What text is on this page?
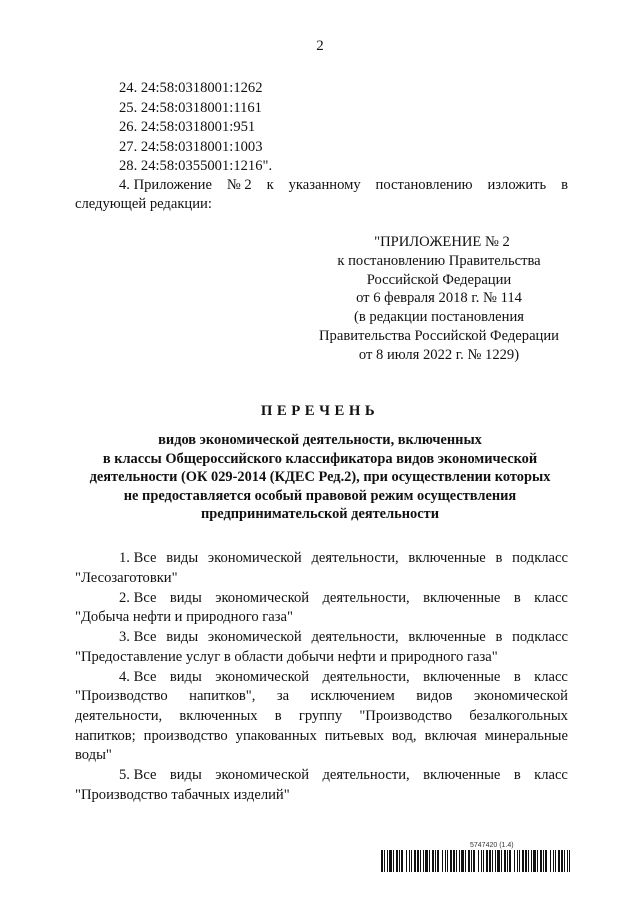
2
24. 24:58:0318001:1262
25. 24:58:0318001:1161
26. 24:58:0318001:951
27. 24:58:0318001:1003
28. 24:58:0355001:1216".
4. Приложение № 2 к указанному постановлению изложить в
следующей редакции:
"ПРИЛОЖЕНИЕ № 2
к постановлению Правительства
Российской Федерации
от 6 февраля 2018 г. № 114
(в редакции постановления
Правительства Российской Федерации
от 8 июля 2022 г. № 1229)
ПЕРЕЧЕНЬ
видов экономической деятельности, включенных
в классы Общероссийского классификатора видов экономической
деятельности (ОК 029-2014 (КДЕС Ред.2), при осуществлении которых
не предоставляется особый правовой режим осуществления
предпринимательской деятельности
1. Все виды экономической деятельности, включенные в подкласс
"Лесозаготовки"
2. Все виды экономической деятельности, включенные в класс
"Добыча нефти и природного газа"
3. Все виды экономической деятельности, включенные в подкласс
"Предоставление услуг в области добычи нефти и природного газа"
4. Все виды экономической деятельности, включенные в класс
"Производство напитков", за исключением видов экономической
деятельности, включенных в группу "Производство безалкогольных
напитков; производство упакованных питьевых вод, включая минеральные
воды"
5. Все виды экономической деятельности, включенные в класс
"Производство табачных изделий"
5747420 (1.4)
